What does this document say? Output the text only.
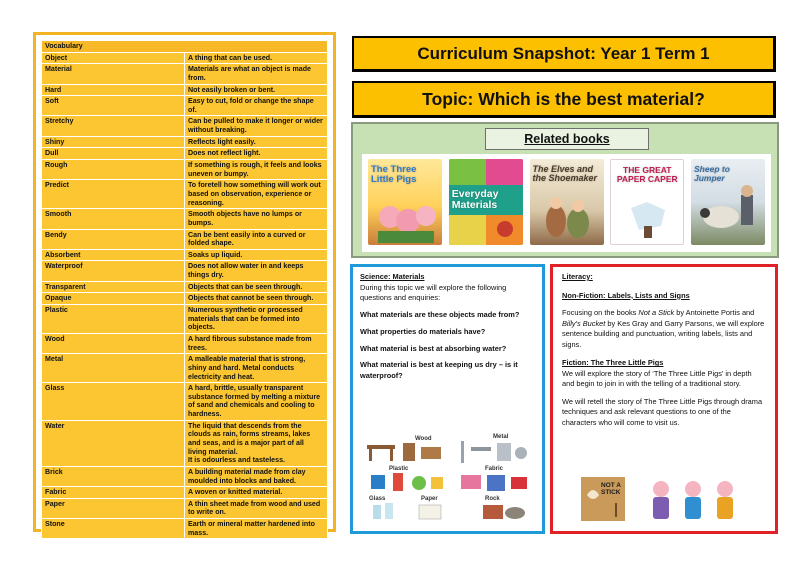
Vocabulary	
Object	A thing that can be used.
Material	Materials are what an object is made from.
Hard	Not easily broken or bent.
Soft	Easy to cut, fold or change the shape of.
Stretchy	Can be pulled to make it longer or wider without breaking.
Shiny	Reflects light easily.
Dull	Does not reflect light.
Rough	If something is rough, it feels and looks uneven or bumpy.
Predict	To foretell how something will work out based on observation, experience or reasoning.
Smooth	Smooth objects have no lumps or bumps.
Bendy	Can be bent easily into a curved or folded shape.
Absorbent	Soaks up liquid.
Waterproof	Does not allow water in and keeps things dry.
Transparent	Objects that can be seen through.
Opaque	Objects that cannot be seen through.
Plastic	Numerous synthetic or processed materials that can be formed into objects.
Wood	A hard fibrous substance made from trees.
Metal	A malleable material that is strong, shiny and hard. Metal conducts electricity and heat.
Glass	A hard, brittle, usually transparent substance formed by melting a mixture of sand and chemicals and cooling to hardness.
Water	The liquid that descends from the clouds as rain, forms streams, lakes and seas, and is a major part of all living material.
It is odourless and tasteless.
Brick	A building material made from clay moulded into blocks and baked.
Fabric	A woven or knitted material.
Paper	A thin sheet made from wood and used to write on.
Stone	Earth or mineral matter hardened into mass.
Curriculum Snapshot: Year 1 Term 1
Topic: Which is the best material?
Related books
The Three Little Pigs
Everyday Materials
The Elves and the Shoemaker
THE GREAT PAPER CAPER
Sheep to Jumper
Science: Materials
During this topic we will explore the following questions and enquiries:
What materials are these objects made from?
What properties do materials have?
What material is best at absorbing water?
What material is best at keeping us dry – is it waterproof?
Wood	Metal
Plastic	Fabric
Glass	Paper	Rock
Literacy:
Non-Fiction: Labels, Lists and Signs

Focusing on the books Not a Stick by Antoinette Portis and Billy's Bucket by Kes Gray and Garry Parsons, we will explore sentence building and punctuation, writing labels, lists and signs.

Fiction: The Three Little Pigs

We will explore the story of ‘The Three Little Pigs’ in depth and begin to join in with the telling of a traditional story.

We will retell the story of The Three Little Pigs through drama techniques and ask relevant questions to one of the characters who will come to visit us.

NOT A STICK
